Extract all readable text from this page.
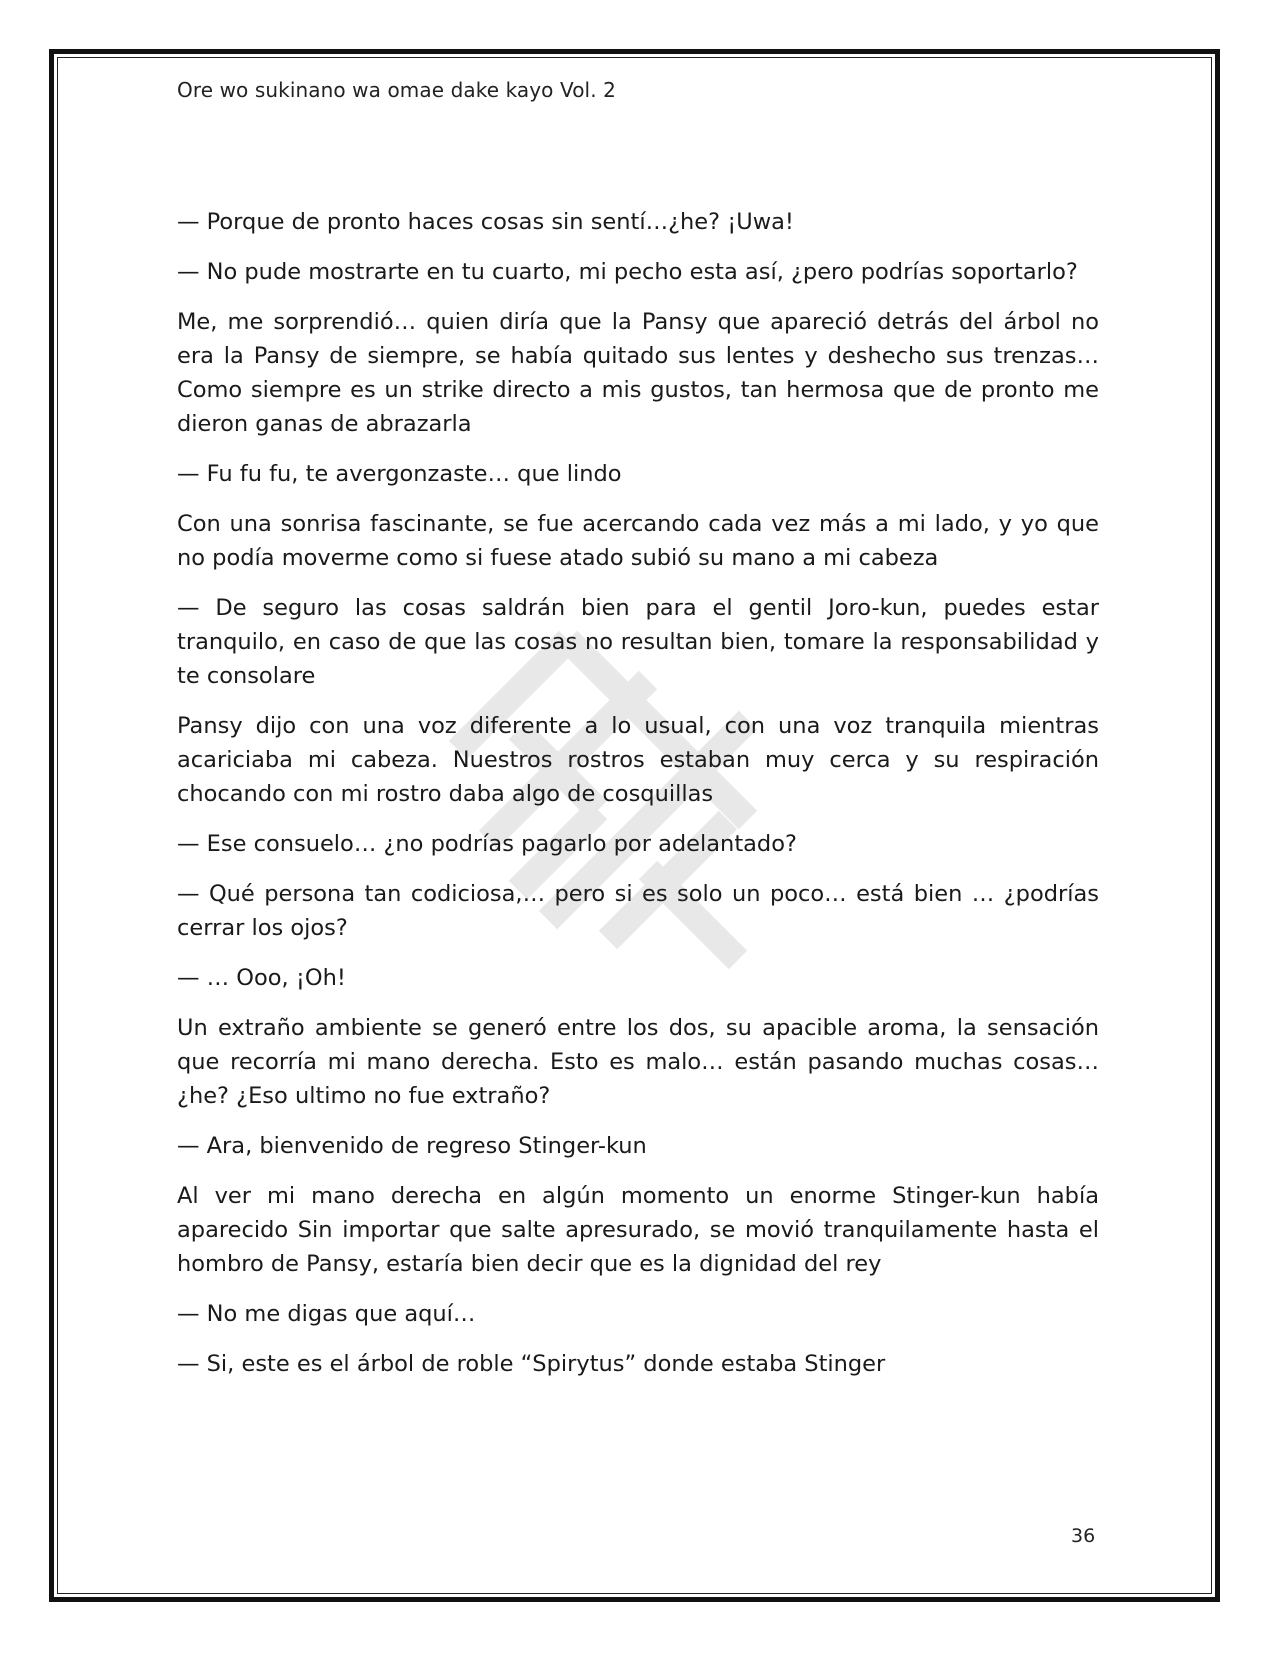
Ore wo sukinano wa omae dake kayo Vol. 2

— Porque de pronto haces cosas sin sentí…¿he? ¡Uwa!

— No pude mostrarte en tu cuarto, mi pecho esta así, ¿pero podrías soportarlo?

Me, me sorprendió… quien diría que la Pansy que apareció detrás del árbol no era la Pansy de siempre, se había quitado sus lentes y deshecho sus trenzas… Como siempre es un strike directo a mis gustos, tan hermosa que de pronto me dieron ganas de abrazarla

— Fu fu fu, te avergonzaste… que lindo

Con una sonrisa fascinante, se fue acercando cada vez más a mi lado, y yo que no podía moverme como si fuese atado subió su mano a mi cabeza

— De seguro las cosas saldrán bien para el gentil Joro-kun, puedes estar tranquilo, en caso de que las cosas no resultan bien, tomare la responsabilidad y te consolare

Pansy dijo con una voz diferente a lo usual, con una voz tranquila mientras acariciaba mi cabeza. Nuestros rostros estaban muy cerca y su respiración chocando con mi rostro daba algo de cosquillas

— Ese consuelo… ¿no podrías pagarlo por adelantado?

— Qué persona tan codiciosa,… pero si es solo un poco… está bien … ¿podrías cerrar los ojos?

— … Ooo, ¡Oh!

Un extraño ambiente se generó entre los dos, su apacible aroma, la sensación que recorría mi mano derecha. Esto es malo… están pasando muchas cosas… ¿he? ¿Eso ultimo no fue extraño?

— Ara, bienvenido de regreso Stinger-kun

Al ver mi mano derecha en algún momento un enorme Stinger-kun había aparecido Sin importar que salte apresurado, se movió tranquilamente hasta el hombro de Pansy, estaría bien decir que es la dignidad del rey

— No me digas que aquí…

— Si, este es el árbol de roble “Spirytus” donde estaba Stinger

36
